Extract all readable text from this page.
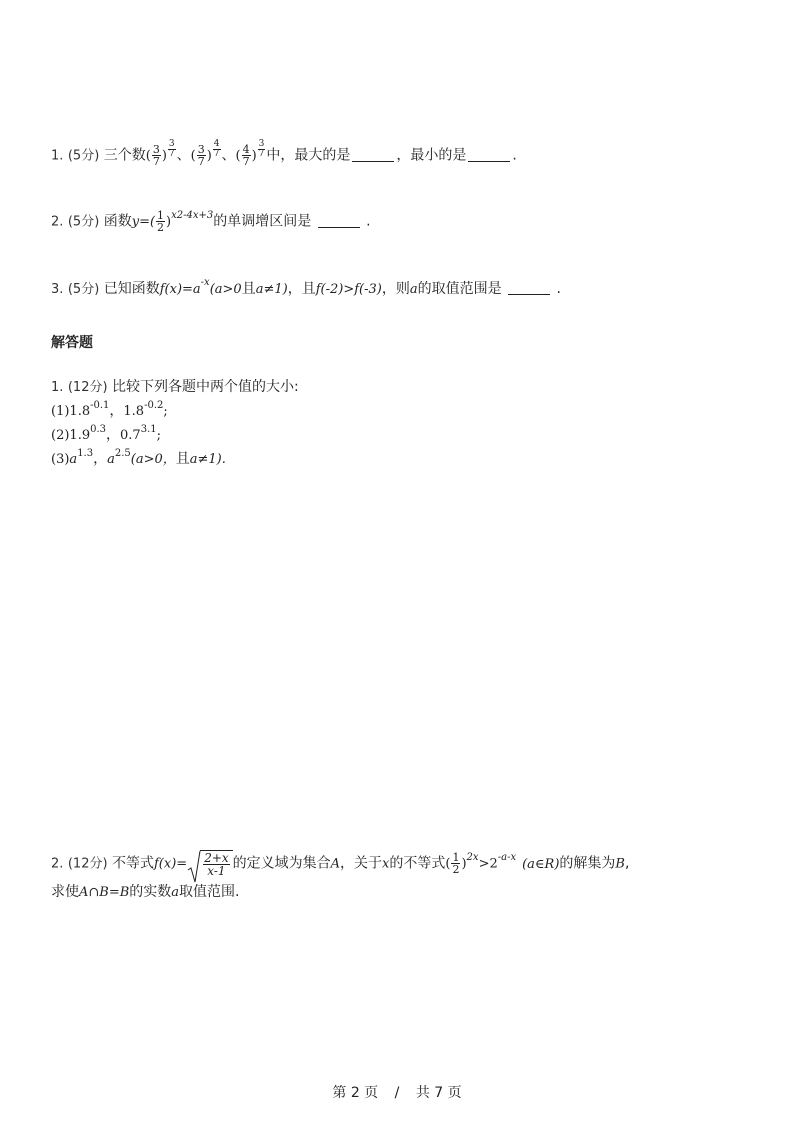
1. (5分) 三个数( $\frac{3}{7}$ ) $^{\frac{3}{7}}$ 、( $\frac{3}{7}$ ) $^{\frac{4}{7}}$ 、( $\frac{4}{7}$ ) $^{\frac{3}{7}}$ 中，最大的是	，最小的是	.
2. (5分) 函数$y=( \frac{1}{2} )^{x2-4x+3}$的单调增区间是	.
3. (5分) 已知函数$f(x)=a^{-x}(a>0$且a≠1)，且f(-2)>f(-3)，则a的取值范围是	.
解答题
1. (12分) 比较下列各题中两个值的大小:
$(1)1.8^{-0.1}$，$1.8^{-0.2}$;
$(2)1.9^{0.3}$，$0.7^{3.1}$;
$(3)a^{1.3}$，$a^{2.5}(a>0$，且a≠1).
2. (12分) 不等式$f(x)= \frac{2+x}{x-1}$ 的定义域为集合A，关于x的不等式( $\frac{1}{2} )^{2x}>2^{-a-x}$ (a∈R)的解集为B,
求使A∩B=B的实数a取值范围.
第 2 页 / 共 7 页
